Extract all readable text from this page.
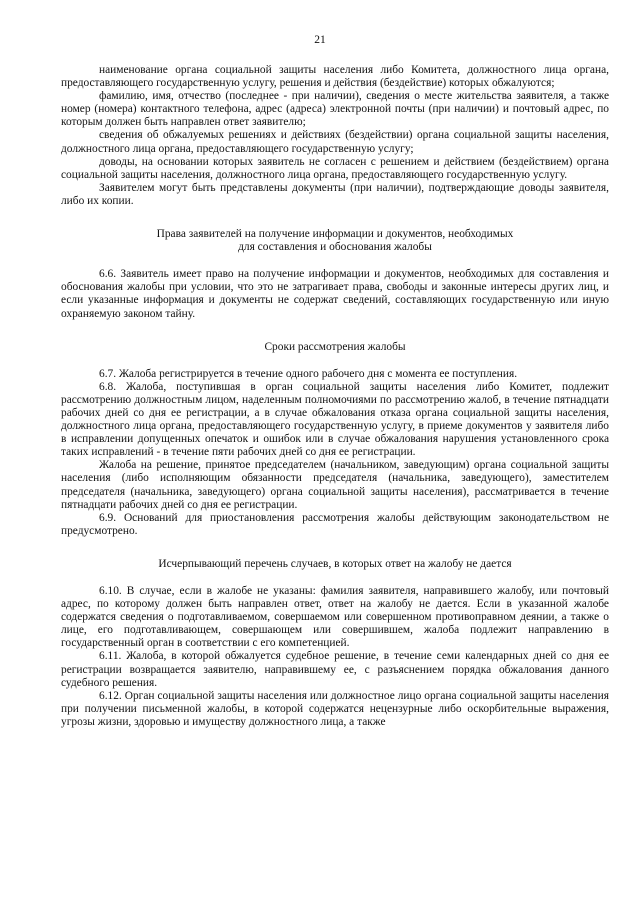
21

наименование органа социальной защиты населения либо Комитета, должностного лица органа, предоставляющего государственную услугу, решения и действия (бездействие) которых обжалуются;

фамилию, имя, отчество (последнее - при наличии), сведения о месте жительства заявителя, а также номер (номера) контактного телефона, адрес (адреса) электронной почты (при наличии) и почтовый адрес, по которым должен быть направлен ответ заявителю;

сведения об обжалуемых решениях и действиях (бездействии) органа социальной защиты населения, должностного лица органа, предоставляющего государственную услугу;

доводы, на основании которых заявитель не согласен с решением и действием (бездействием) органа социальной защиты населения, должностного лица органа, предоставляющего государственную услугу.

Заявителем могут быть представлены документы (при наличии), подтверждающие доводы заявителя, либо их копии.

Права заявителей на получение информации и документов, необходимых
для составления и обоснования жалобы

6.6. Заявитель имеет право на получение информации и документов, необходимых для составления и обоснования жалобы при условии, что это не затрагивает права, свободы и законные интересы других лиц, и если указанные информация и документы не содержат сведений, составляющих государственную или иную охраняемую законом тайну.

Сроки рассмотрения жалобы

6.7. Жалоба регистрируется в течение одного рабочего дня с момента ее поступления.

6.8. Жалоба, поступившая в орган социальной защиты населения либо Комитет, подлежит рассмотрению должностным лицом, наделенным полномочиями по рассмотрению жалоб, в течение пятнадцати рабочих дней со дня ее регистрации, а в случае обжалования отказа органа социальной защиты населения, должностного лица органа, предоставляющего государственную услугу, в приеме документов у заявителя либо в исправлении допущенных опечаток и ошибок или в случае обжалования нарушения установленного срока таких исправлений - в течение пяти рабочих дней со дня ее регистрации.

Жалоба на решение, принятое председателем (начальником, заведующим) органа социальной защиты населения (либо исполняющим обязанности председателя (начальника, заведующего), заместителем председателя (начальника, заведующего) органа социальной защиты населения), рассматривается в течение пятнадцати рабочих дней со дня ее регистрации.

6.9. Оснований для приостановления рассмотрения жалобы действующим законодательством не предусмотрено.

Исчерпывающий перечень случаев, в которых ответ на жалобу не дается

6.10. В случае, если в жалобе не указаны: фамилия заявителя, направившего жалобу, или почтовый адрес, по которому должен быть направлен ответ, ответ на жалобу не дается. Если в указанной жалобе содержатся сведения о подготавливаемом, совершаемом или совершенном противоправном деянии, а также о лице, его подготавливающем, совершающем или совершившем, жалоба подлежит направлению в государственный орган в соответствии с его компетенцией.

6.11. Жалоба, в которой обжалуется судебное решение, в течение семи календарных дней со дня ее регистрации возвращается заявителю, направившему ее, с разъяснением порядка обжалования данного судебного решения.

6.12. Орган социальной защиты населения или должностное лицо органа социальной защиты населения при получении письменной жалобы, в которой содержатся нецензурные либо оскорбительные выражения, угрозы жизни, здоровью и имуществу должностного лица, а также
